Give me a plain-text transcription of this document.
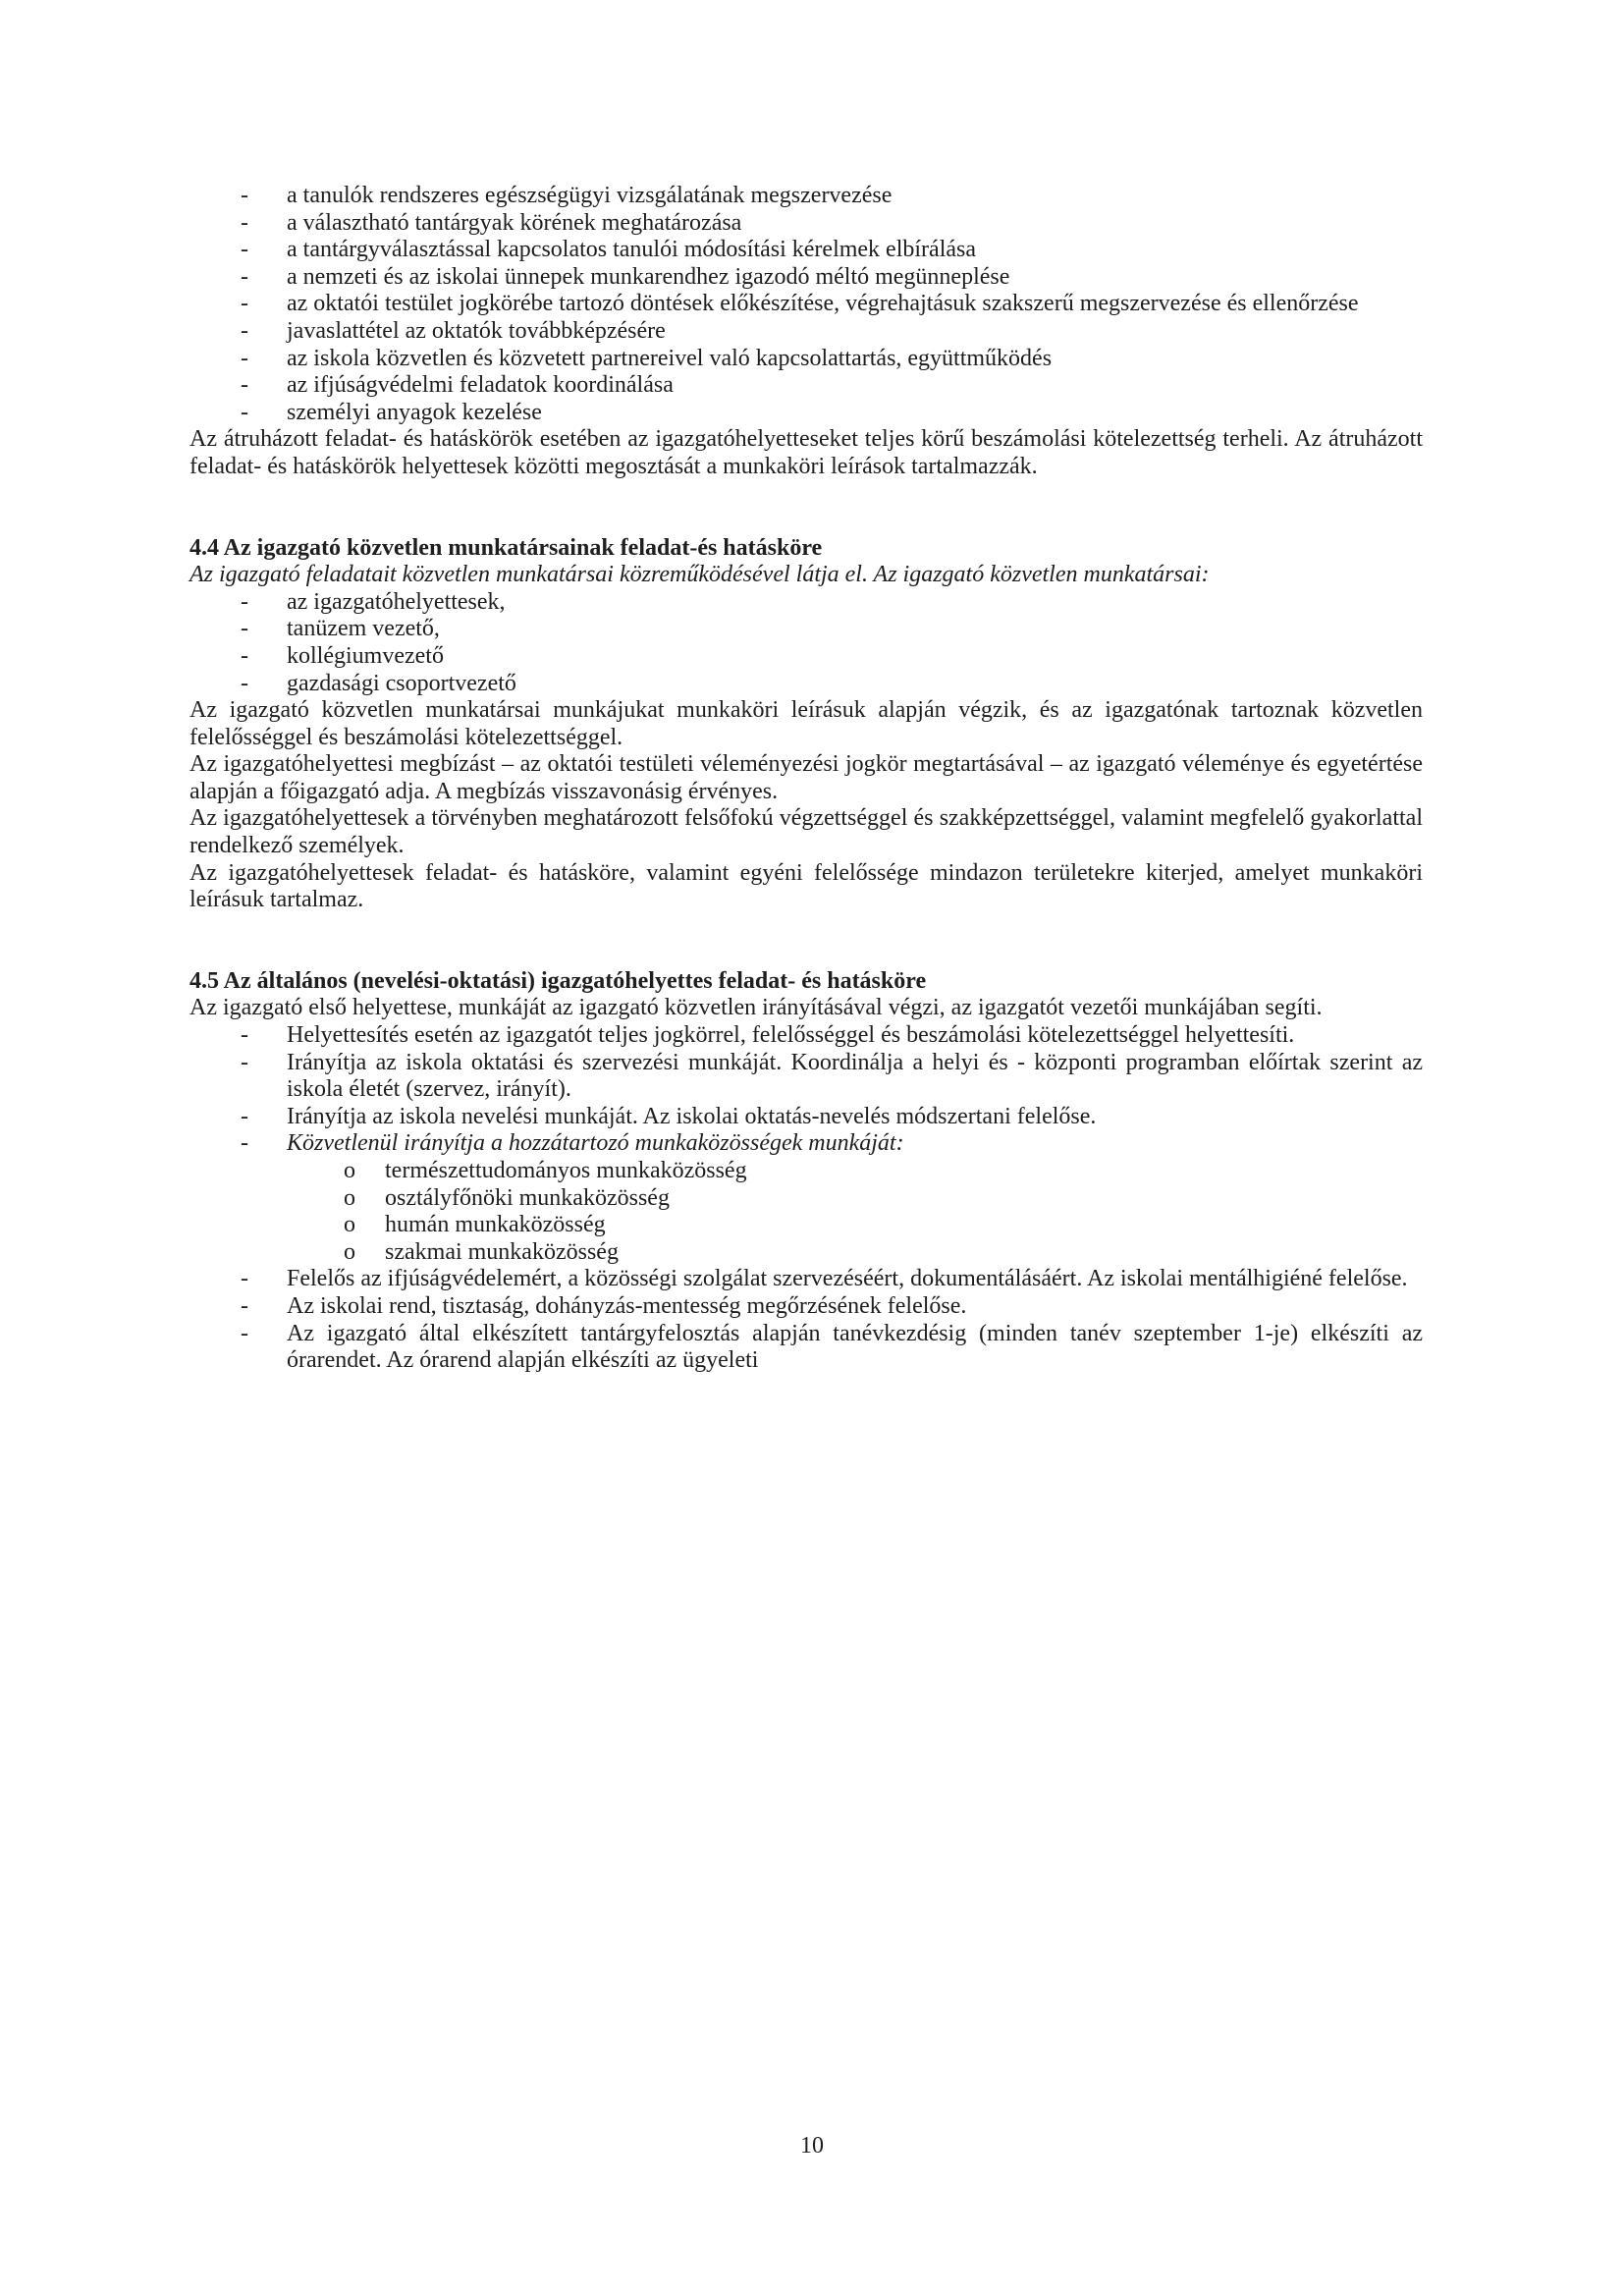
- a tanulók rendszeres egészségügyi vizsgálatának megszervezése
- a választható tantárgyak körének meghatározása
- a tantárgyválasztással kapcsolatos tanulói módosítási kérelmek elbírálása
- a nemzeti és az iskolai ünnepek munkarendhez igazodó méltó megünneplése
- az oktatói testület jogkörébe tartozó döntések előkészítése, végrehajtásuk szakszerű megszervezése és ellenőrzése
- javaslattétel az oktatók továbbképzésére
- az iskola közvetlen és közvetett partnereivel való kapcsolattartás, együttműködés
- az ifjúságvédelmi feladatok koordinálása
- személyi anyagok kezelése

Az átruházott feladat- és hatáskörök esetében az igazgatóhelyetteseket teljes körű beszámolási kötelezettség terheli. Az átruházott feladat- és hatáskörök helyettesek közötti megosztását a munkaköri leírások tartalmazzák.

4.4 Az igazgató közvetlen munkatársainak feladat-és hatásköre

Az igazgató feladatait közvetlen munkatársai közreműködésével látja el. Az igazgató közvetlen munkatársai:

- az igazgatóhelyettesek,
- tanüzem vezető,
- kollégiumvezető
- gazdasági csoportvezető

Az igazgató közvetlen munkatársai munkájukat munkaköri leírásuk alapján végzik, és az igazgatónak tartoznak közvetlen felelősséggel és beszámolási kötelezettséggel.

Az igazgatóhelyettesi megbízást – az oktatói testületi véleményezési jogkör megtartásával – az igazgató véleménye és egyetértése alapján a főigazgató adja. A megbízás visszavonásig érvényes.

Az igazgatóhelyettesek a törvényben meghatározott felsőfokú végzettséggel és szakképzettséggel, valamint megfelelő gyakorlattal rendelkező személyek.

Az igazgatóhelyettesek feladat- és hatásköre, valamint egyéni felelőssége mindazon területekre kiterjed, amelyet munkaköri leírásuk tartalmaz.

4.5 Az általános (nevelési-oktatási) igazgatóhelyettes feladat- és hatásköre

Az igazgató első helyettese, munkáját az igazgató közvetlen irányításával végzi, az igazgatót vezetői munkájában segíti.

- Helyettesítés esetén az igazgatót teljes jogkörrel, felelősséggel és beszámolási kötelezettséggel helyettesíti.
- Irányítja az iskola oktatási és szervezési munkáját. Koordinálja a helyi és - központi programban előírtak szerint az iskola életét (szervez, irányít).
- Irányítja az iskola nevelési munkáját. Az iskolai oktatás-nevelés módszertani felelőse.
- Közvetlenül irányítja a hozzátartozó munkaközösségek munkáját:
o természettudományos munkaközösség
o osztályfőnöki munkaközösség
o humán munkaközösség
o szakmai munkaközösség
- Felelős az ifjúságvédelemért, a közösségi szolgálat szervezéséért, dokumentálásáért. Az iskolai mentálhigiéné felelőse.
- Az iskolai rend, tisztaság, dohányzás-mentesség megőrzésének felelőse.
- Az igazgató által elkészített tantárgyfelosztás alapján tanévkezdésig (minden tanév szeptember 1-je) elkészíti az órarendet. Az órarend alapján elkészíti az ügyeleti
10
